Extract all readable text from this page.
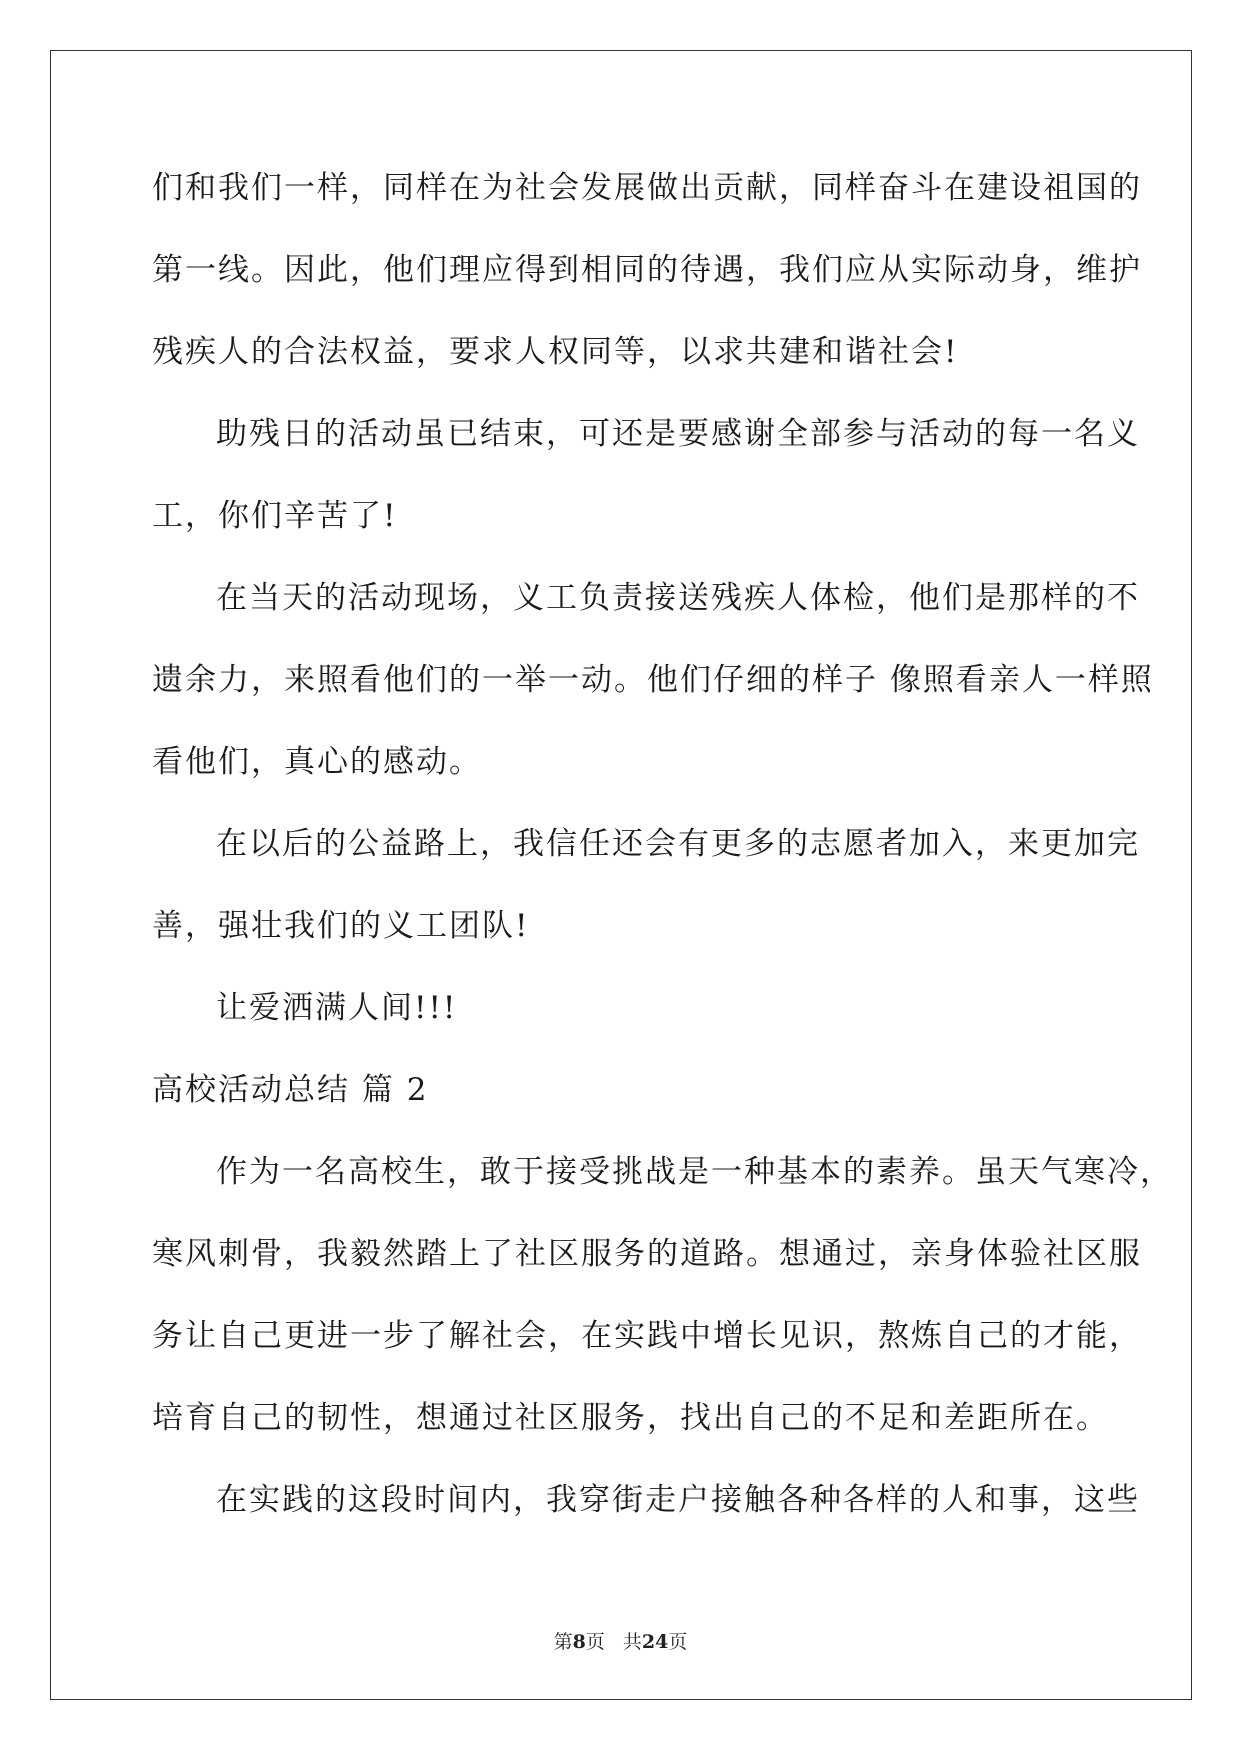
们和我们一样，同样在为社会发展做出贡献，同样奋斗在建设祖国的
第一线。因此，他们理应得到相同的待遇，我们应从实际动身，维护
残疾人的合法权益，要求人权同等，以求共建和谐社会!
助残日的活动虽已结束，可还是要感谢全部参与活动的每一名义
工，你们辛苦了!
在当天的活动现场，义工负责接送残疾人体检，他们是那样的不
遗余力，来照看他们的一举一动。他们仔细的样子 像照看亲人一样照
看他们，真心的感动。
在以后的公益路上，我信任还会有更多的志愿者加入，来更加完
善，强壮我们的义工团队!
让爱洒满人间!!!
高校活动总结 篇 2
作为一名高校生，敢于接受挑战是一种基本的素养。虽天气寒冷，
寒风刺骨，我毅然踏上了社区服务的道路。想通过，亲身体验社区服
务让自己更进一步了解社会，在实践中增长见识，熬炼自己的才能，
培育自己的韧性，想通过社区服务，找出自己的不足和差距所在。
在实践的这段时间内，我穿街走户接触各种各样的人和事，这些
第8页 共24页
